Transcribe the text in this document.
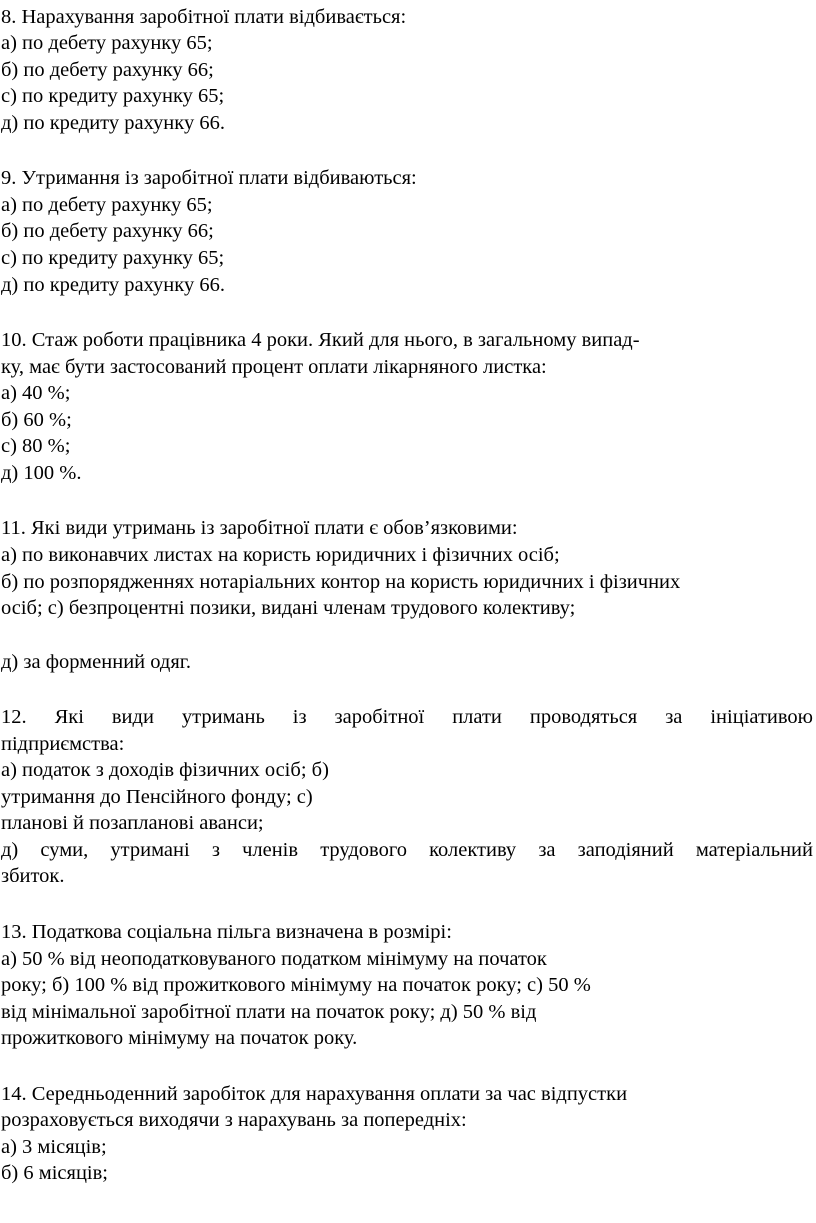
8. Нарахування заробітної плати відбивається:
а) по дебету рахунку 65;
б) по дебету рахунку 66;
с) по кредиту рахунку 65;
д) по кредиту рахунку 66.
9. Утримання із заробітної плати відбиваються:
а) по дебету рахунку 65;
б) по дебету рахунку 66;
с) по кредиту рахунку 65;
д) по кредиту рахунку 66.
10. Стаж роботи працівника 4 роки. Який для нього, в загальному випад-
ку, має бути застосований процент оплати лікарняного листка:
а) 40 %;
б) 60 %;
с) 80 %;
д) 100 %.
11. Які види утримань із заробітної плати є обов’язковими:
а) по виконавчих листах на користь юридичних і фізичних осіб;
б) по розпорядженнях нотаріальних контор на користь юридичних і фізичних
осіб; с) безпроцентні позики, видані членам трудового колективу;
д) за форменний одяг.
12. Які види утримань із заробітної плати проводяться за ініціативою
підприємства:
а) податок з доходів фізичних осіб; б)
утримання до Пенсійного фонду; с)
планові й позапланові аванси;
д) суми, утримані з членів трудового колективу за заподіяний матеріальний
збиток.
13. Податкова соціальна пільга визначена в розмірі:
а) 50 % від неоподатковуваного податком мінімуму на початок
року; б) 100 % від прожиткового мінімуму на початок року; с) 50 %
від мінімальної заробітної плати на початок року; д) 50 % від
прожиткового мінімуму на початок року.
14. Середньоденний заробіток для нарахування оплати за час відпустки
розраховується виходячи з нарахувань за попередніх:
а) 3 місяців;
б) 6 місяців;
